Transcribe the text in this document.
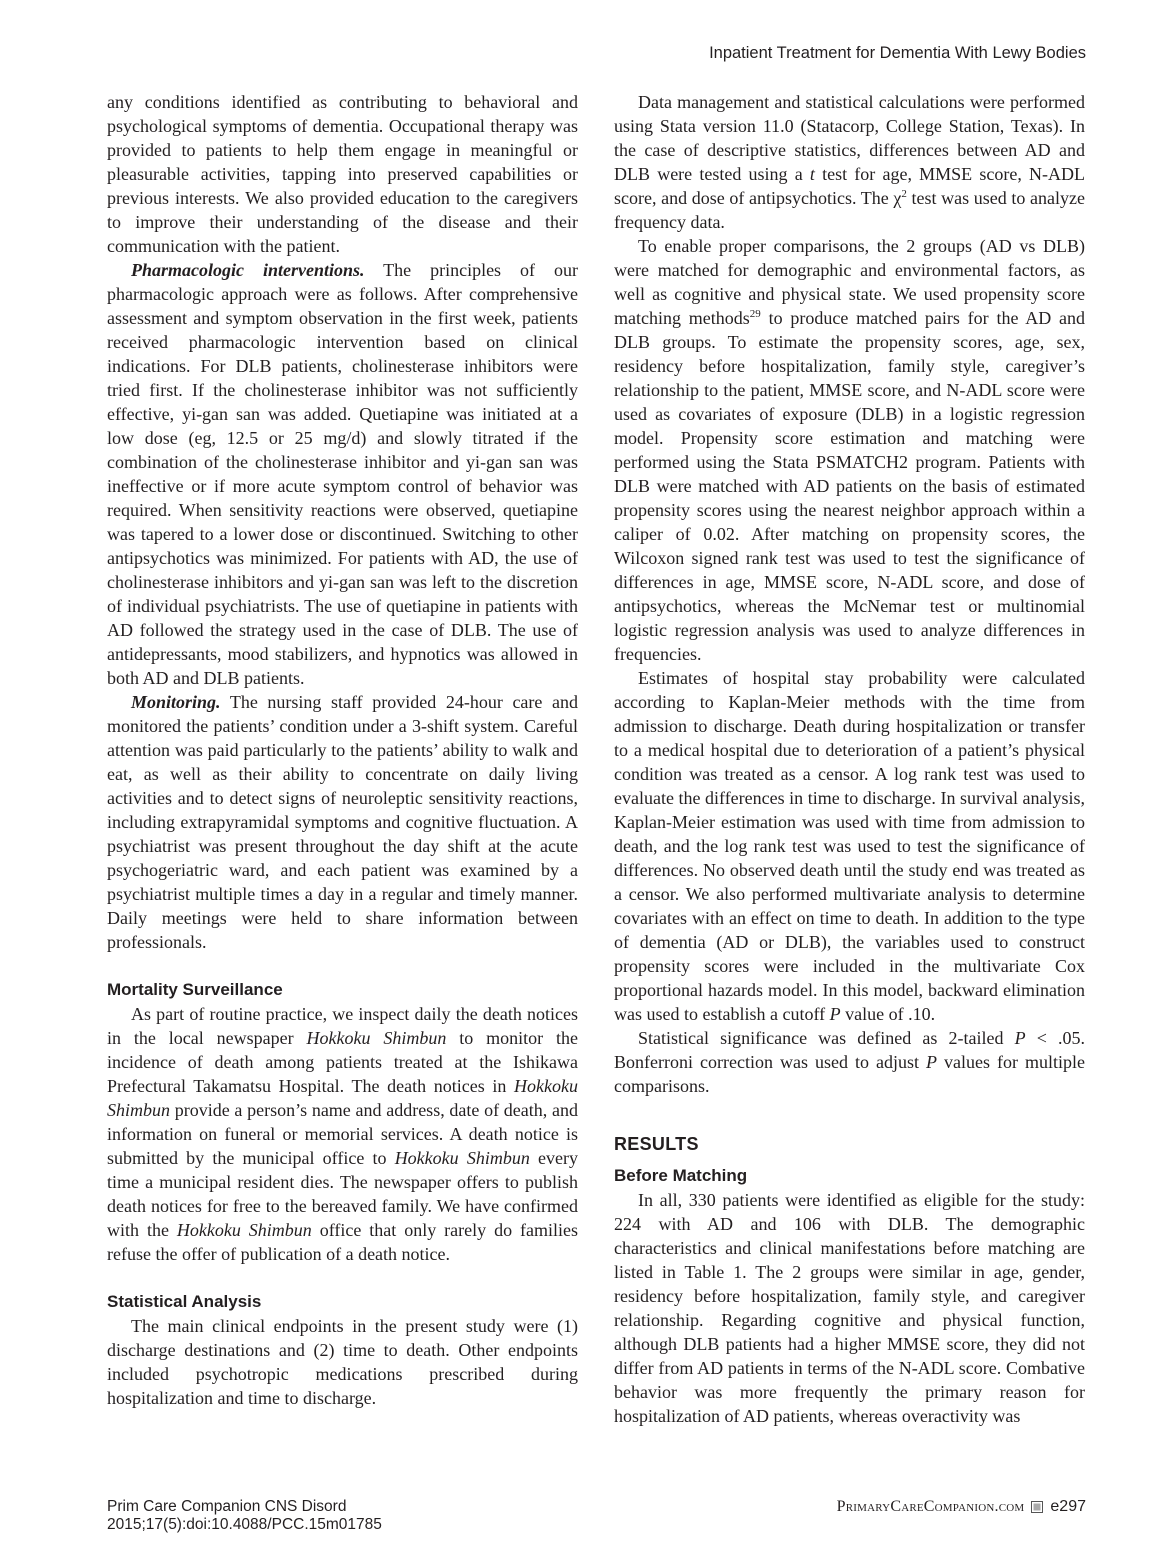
Inpatient Treatment for Dementia With Lewy Bodies

any conditions identified as contributing to behavioral and psychological symptoms of dementia. Occupational therapy was provided to patients to help them engage in meaningful or pleasurable activities, tapping into preserved capabilities or previous interests. We also provided education to the caregivers to improve their understanding of the disease and their communication with the patient.

Pharmacologic interventions. The principles of our pharmacologic approach were as follows. After comprehensive assessment and symptom observation in the first week, patients received pharmacologic intervention based on clinical indications. For DLB patients, cholinesterase inhibitors were tried first. If the cholinesterase inhibitor was not sufficiently effective, yi-gan san was added. Quetiapine was initiated at a low dose (eg, 12.5 or 25 mg/d) and slowly titrated if the combination of the cholinesterase inhibitor and yi-gan san was ineffective or if more acute symptom control of behavior was required. When sensitivity reactions were observed, quetiapine was tapered to a lower dose or discontinued. Switching to other antipsychotics was minimized. For patients with AD, the use of cholinesterase inhibitors and yi-gan san was left to the discretion of individual psychiatrists. The use of quetiapine in patients with AD followed the strategy used in the case of DLB. The use of antidepressants, mood stabilizers, and hypnotics was allowed in both AD and DLB patients.

Monitoring. The nursing staff provided 24-hour care and monitored the patients’ condition under a 3-shift system. Careful attention was paid particularly to the patients’ ability to walk and eat, as well as their ability to concentrate on daily living activities and to detect signs of neuroleptic sensitivity reactions, including extrapyramidal symptoms and cognitive fluctuation. A psychiatrist was present throughout the day shift at the acute psychogeriatric ward, and each patient was examined by a psychiatrist multiple times a day in a regular and timely manner. Daily meetings were held to share information between professionals.

Mortality Surveillance

As part of routine practice, we inspect daily the death notices in the local newspaper Hokkoku Shimbun to monitor the incidence of death among patients treated at the Ishikawa Prefectural Takamatsu Hospital. The death notices in Hokkoku Shimbun provide a person’s name and address, date of death, and information on funeral or memorial services. A death notice is submitted by the municipal office to Hokkoku Shimbun every time a municipal resident dies. The newspaper offers to publish death notices for free to the bereaved family. We have confirmed with the Hokkoku Shimbun office that only rarely do families refuse the offer of publication of a death notice.

Statistical Analysis

The main clinical endpoints in the present study were (1) discharge destinations and (2) time to death. Other endpoints included psychotropic medications prescribed during hospitalization and time to discharge.

Data management and statistical calculations were performed using Stata version 11.0 (Statacorp, College Station, Texas). In the case of descriptive statistics, differences between AD and DLB were tested using a t test for age, MMSE score, N-ADL score, and dose of antipsychotics. The $\chi^2$ test was used to analyze frequency data.

To enable proper comparisons, the 2 groups (AD vs DLB) were matched for demographic and environmental factors, as well as cognitive and physical state. We used propensity score matching methods$^{29}$ to produce matched pairs for the AD and DLB groups. To estimate the propensity scores, age, sex, residency before hospitalization, family style, caregiver’s relationship to the patient, MMSE score, and N-ADL score were used as covariates of exposure (DLB) in a logistic regression model. Propensity score estimation and matching were performed using the Stata PSMATCH2 program. Patients with DLB were matched with AD patients on the basis of estimated propensity scores using the nearest neighbor approach within a caliper of 0.02. After matching on propensity scores, the Wilcoxon signed rank test was used to test the significance of differences in age, MMSE score, N-ADL score, and dose of antipsychotics, whereas the McNemar test or multinomial logistic regression analysis was used to analyze differences in frequencies.

Estimates of hospital stay probability were calculated according to Kaplan-Meier methods with the time from admission to discharge. Death during hospitalization or transfer to a medical hospital due to deterioration of a patient’s physical condition was treated as a censor. A log rank test was used to evaluate the differences in time to discharge. In survival analysis, Kaplan-Meier estimation was used with time from admission to death, and the log rank test was used to test the significance of differences. No observed death until the study end was treated as a censor. We also performed multivariate analysis to determine covariates with an effect on time to death. In addition to the type of dementia (AD or DLB), the variables used to construct propensity scores were included in the multivariate Cox proportional hazards model. In this model, backward elimination was used to establish a cutoff P value of .10.

Statistical significance was defined as 2-tailed P < .05. Bonferroni correction was used to adjust P values for multiple comparisons.

RESULTS
Before Matching

In all, 330 patients were identified as eligible for the study: 224 with AD and 106 with DLB. The demographic characteristics and clinical manifestations before matching are listed in Table 1. The 2 groups were similar in age, gender, residency before hospitalization, family style, and caregiver relationship. Regarding cognitive and physical function, although DLB patients had a higher MMSE score, they did not differ from AD patients in terms of the N-ADL score. Combative behavior was more frequently the primary reason for hospitalization of AD patients, whereas overactivity was

Prim Care Companion CNS Disord
2015;17(5):doi:10.4088/PCC.15m01785
PrimaryCareCompanion.com e297
